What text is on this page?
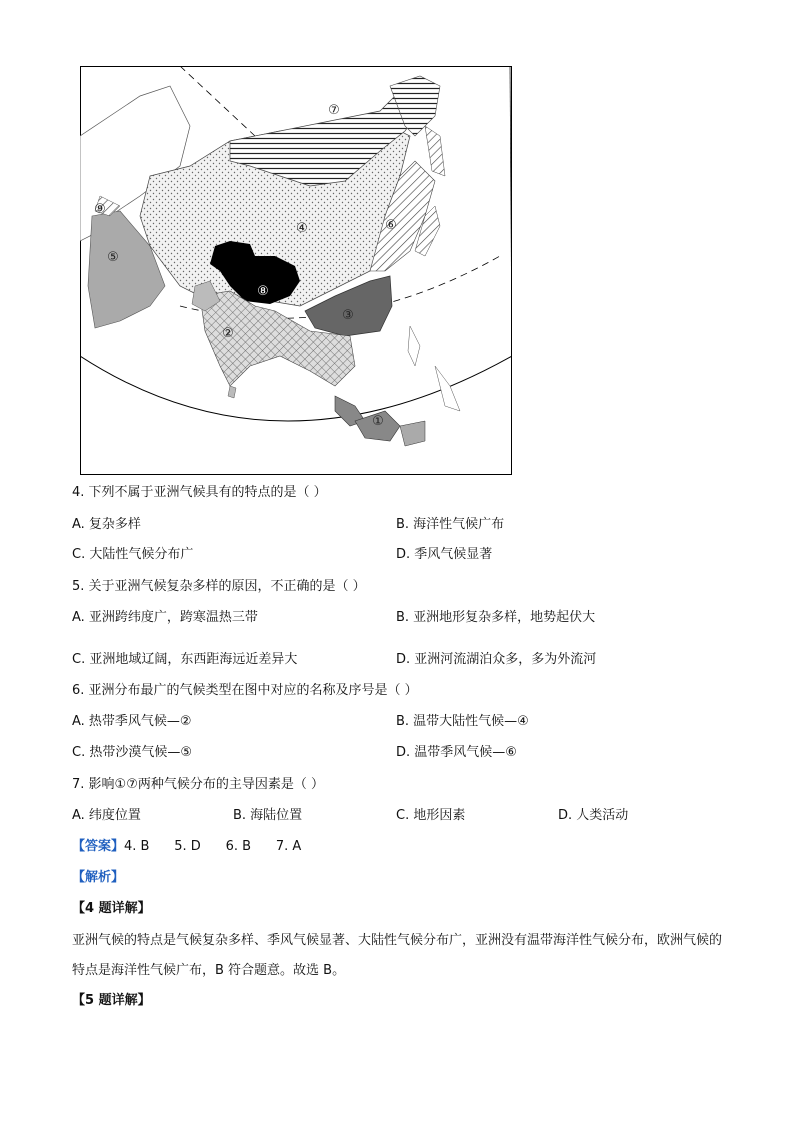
①
②
③
④
⑤
⑥
⑦
⑧
⑨
4. 下列不属于亚洲气候具有的特点的是（ ）
A. 复杂多样	B. 海洋性气候广布
C. 大陆性气候分布广	D. 季风气候显著
5. 关于亚洲气候复杂多样的原因，不正确的是（ ）
A. 亚洲跨纬度广，跨寒温热三带	B. 亚洲地形复杂多样，地势起伏大
C. 亚洲地域辽阔，东西距海远近差异大	D. 亚洲河流湖泊众多，多为外流河
6. 亚洲分布最广的气候类型在图中对应的名称及序号是（ ）
A. 热带季风气候—②	B. 温带大陆性气候—④
C. 热带沙漠气候—⑤	D. 温带季风气候—⑥
7. 影响①⑦两种气候分布的主导因素是（ ）
A. 纬度位置	B. 海陆位置	C. 地形因素	D. 人类活动
【答案】4. B      5. D      6. B      7. A
【解析】
【4 题详解】
亚洲气候的特点是气候复杂多样、季风气候显著、大陆性气候分布广，亚洲没有温带海洋性气候分布，欧洲气候的特点是海洋性气候广布，B 符合题意。故选 B。
【5 题详解】
